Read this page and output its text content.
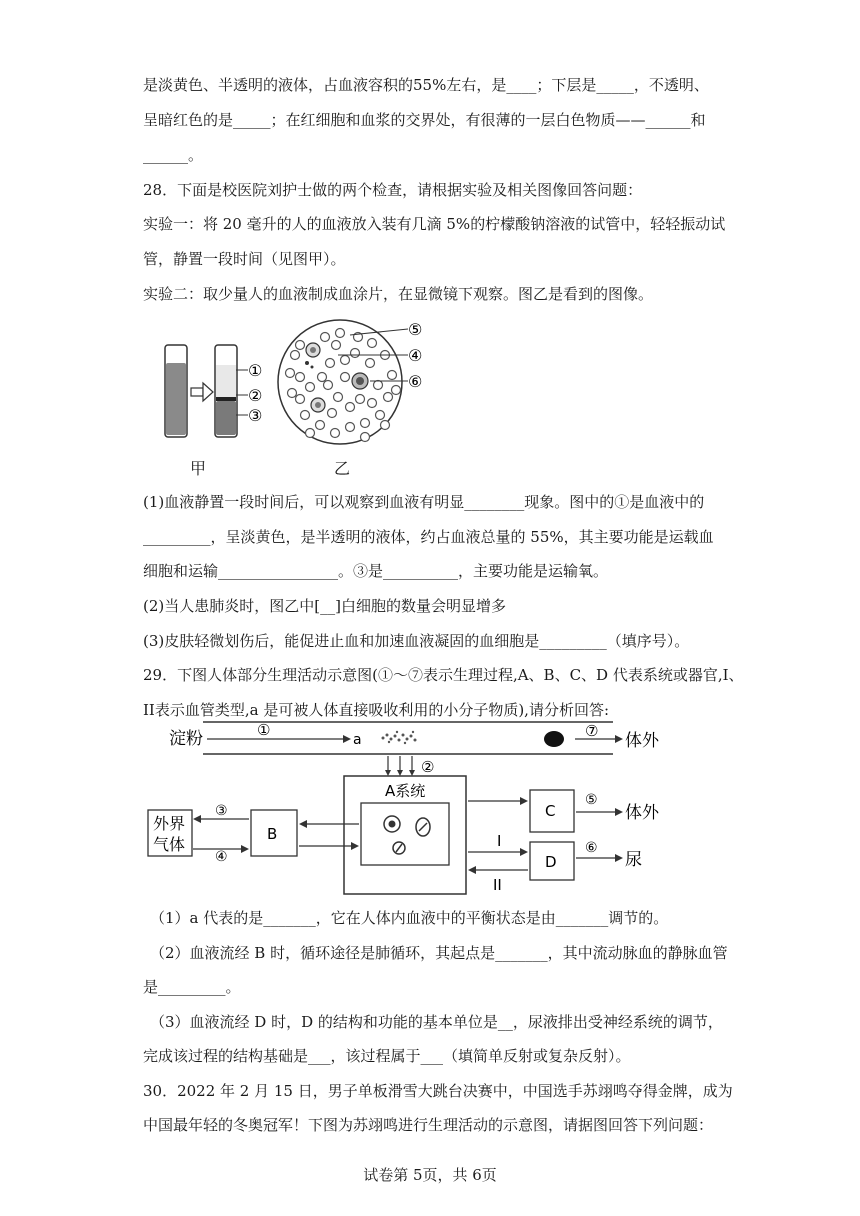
是淡黄色、半透明的液体，占血液容积的55%左右，是____；下层是_____，不透明、
呈暗红色的是_____；在红细胞和血浆的交界处，有很薄的一层白色物质——______和
______。
28．下面是校医院刘护士做的两个检查，请根据实验及相关图像回答问题：
实验一：将 20 毫升的人的血液放入装有几滴 5%的柠檬酸钠溶液的试管中，轻轻振动试
管，静置一段时间（见图甲）。
实验二：取少量人的血液制成血涂片，在显微镜下观察。图乙是看到的图像。
①
②
③
⑤
④
⑥
甲	乙
(1)血液静置一段时间后，可以观察到血液有明显________现象。图中的①是血液中的
_________，呈淡黄色，是半透明的液体，约占血液总量的 55%，其主要功能是运载血
细胞和运输________________。③是__________，主要功能是运输氧。
(2)当人患肺炎时，图乙中[__]白细胞的数量会明显增多
(3)皮肤轻微划伤后，能促进止血和加速血液凝固的血细胞是_________（填序号）。
29．下图人体部分生理活动示意图(①～⑦表示生理过程,A、B、C、D 代表系统或器官,I、
II表示血管类型,a 是可被人体直接吸收利用的小分子物质),请分析回答:
淀粉	①
a	⑦ 体外
②
A系统
外界
气体
B
③
④
C
⑤
体外
D
I
II
⑥
尿
（1）a 代表的是_______，它在人体内血液中的平衡状态是由_______调节的。
（2）血液流经 B 时，循环途径是肺循环，其起点是_______，其中流动脉血的静脉血管
是_________。
（3）血液流经 D 时，D 的结构和功能的基本单位是__，尿液排出受神经系统的调节，
完成该过程的结构基础是___，该过程属于___（填简单反射或复杂反射）。
30．2022 年 2 月 15 日，男子单板滑雪大跳台决赛中，中国选手苏翊鸣夺得金牌，成为
中国最年轻的冬奥冠军！下图为苏翊鸣进行生理活动的示意图，请据图回答下列问题：
试卷第 5页，共 6页
